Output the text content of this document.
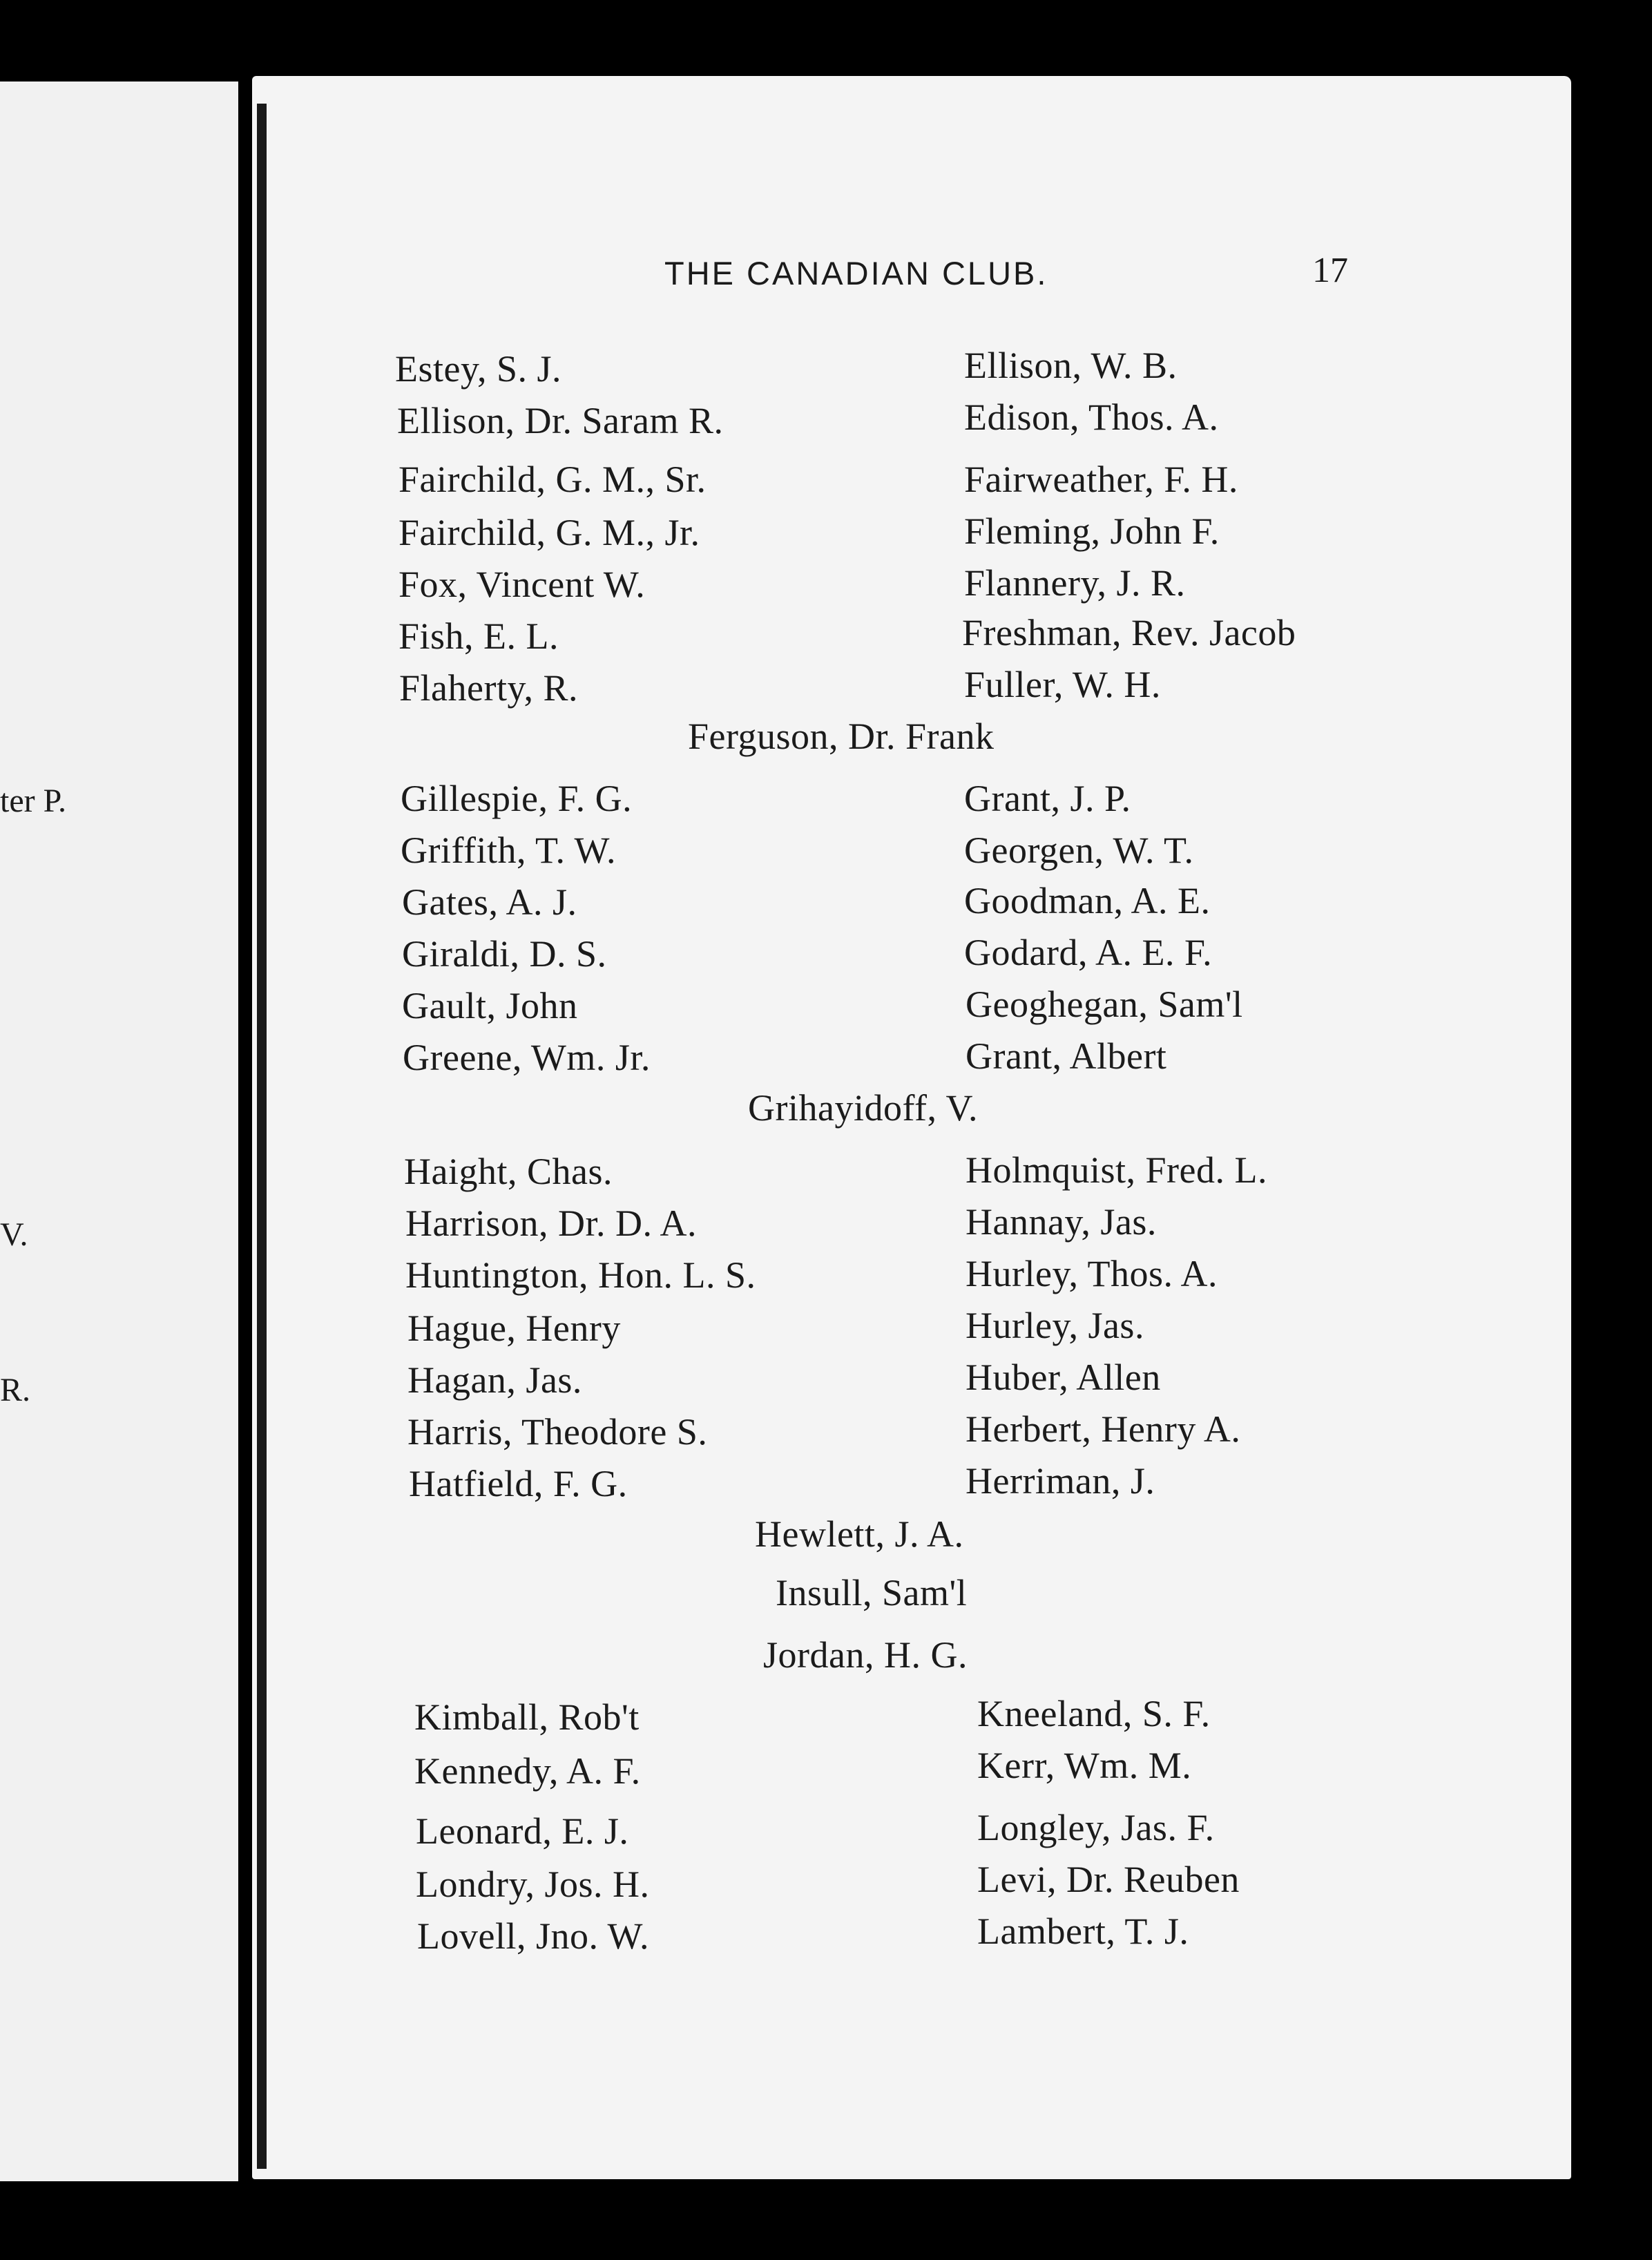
ter P.
V.
R.
THE CANADIAN CLUB.	17
Estey, S. J.	Ellison, W. B.
Ellison, Dr. Saram R.	Edison, Thos. A.
Fairchild, G. M., Sr.	Fairweather, F. H.
Fairchild, G. M., Jr.	Fleming, John F.
Fox, Vincent W.	Flannery, J. R.
Fish, E. L.	Freshman, Rev. Jacob
Flaherty, R.	Fuller, W. H.
Ferguson, Dr. Frank
Gillespie, F. G.	Grant, J. P.
Griffith, T. W.	Georgen, W. T.
Gates, A. J.	Goodman, A. E.
Giraldi, D. S.	Godard, A. E. F.
Gault, John	Geoghegan, Sam'l
Greene, Wm. Jr.	Grant, Albert
Grihayidoff, V.
Haight, Chas.	Holmquist, Fred. L.
Harrison, Dr. D. A.	Hannay, Jas.
Huntington, Hon. L. S.	Hurley, Thos. A.
Hague, Henry	Hurley, Jas.
Hagan, Jas.	Huber, Allen
Harris, Theodore S.	Herbert, Henry A.
Hatfield, F. G.	Herriman, J.
Hewlett, J. A.
Insull, Sam'l
Jordan, H. G.
Kimball, Rob't	Kneeland, S. F.
Kennedy, A. F.	Kerr, Wm. M.
Leonard, E. J.	Longley, Jas. F.
Londry, Jos. H.	Levi, Dr. Reuben
Lovell, Jno. W.	Lambert, T. J.
